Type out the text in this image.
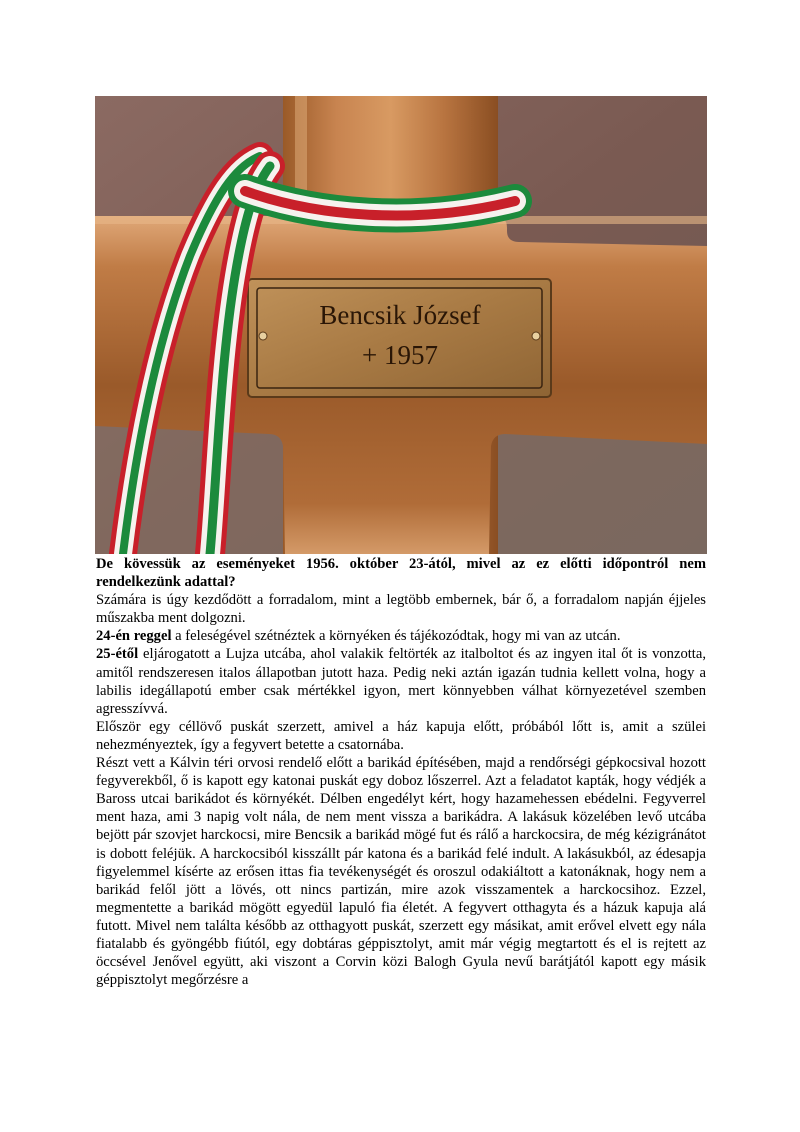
Bencsik József
+ 1957

De kövessük az eseményeket 1956. október 23-ától, mivel az ez előtti időpontról nem rendelkezünk adattal?

Számára is úgy kezdődött a forradalom, mint a legtöbb embernek, bár ő, a forradalom napján éjjeles műszakba ment dolgozni.

24-én reggel a feleségével szétnéztek a környéken és tájékozódtak, hogy mi van az utcán.

25-étől eljárogatott a Lujza utcába, ahol valakik feltörték az italboltot és az ingyen ital őt is vonzotta, amitől rendszeresen italos állapotban jutott haza. Pedig neki aztán igazán tudnia kellett volna, hogy a labilis idegállapotú ember csak mértékkel igyon, mert könnyebben válhat környezetével szemben agresszívvá.

Először egy céllövő puskát szerzett, amivel a ház kapuja előtt, próbából lőtt is, amit a szülei nehezményeztek, így a fegyvert betette a csatornába.

Részt vett a Kálvin téri orvosi rendelő előtt a barikád építésében, majd a rendőrségi gépkocsival hozott fegyverekből, ő is kapott egy katonai puskát egy doboz lőszerrel. Azt a feladatot kapták, hogy védjék a Baross utcai barikádot és környékét. Délben engedélyt kért, hogy hazamehessen ebédelni. Fegyverrel ment haza, ami 3 napig volt nála, de nem ment vissza a barikádra. A lakásuk közelében levő utcába bejött pár szovjet harckocsi, mire Bencsik a barikád mögé fut és rálő a harckocsira, de még kézigránátot is dobott feléjük. A harckocsiból kisszállt pár katona és a barikád felé indult. A lakásukból, az édesapja figyelemmel kísérte az erősen ittas fia tevékenységét és oroszul odakiáltott a katonáknak, hogy nem a barikád felől jött a lövés, ott nincs partizán, mire azok visszamentek a harckocsihoz. Ezzel, megmentette a barikád mögött egyedül lapuló fia életét. A fegyvert otthagyta és a házuk kapuja alá futott. Mivel nem találta később az otthagyott puskát, szerzett egy másikat, amit erővel elvett egy nála fiatalabb és gyöngébb fiútól, egy dobtáras géppisztolyt, amit már végig megtartott és el is rejtett az öccsével Jenővel együtt, aki viszont a Corvin közi Balogh Gyula nevű barátjától kapott egy másik géppisztolyt megőrzésre a
